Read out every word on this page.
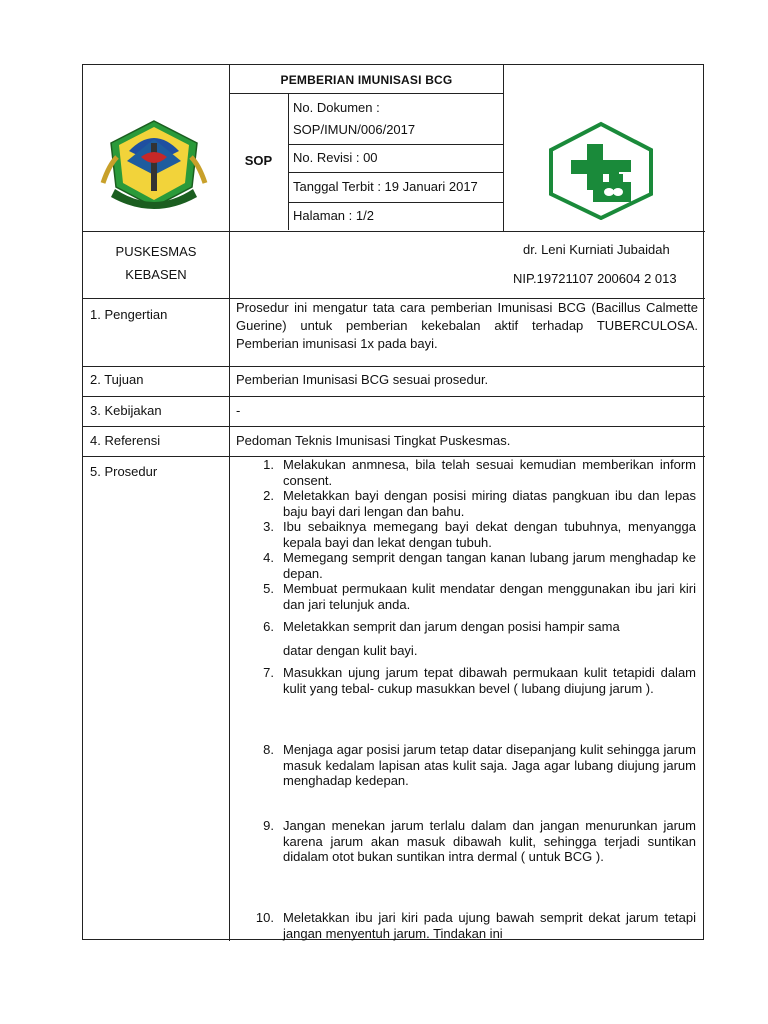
PEMBERIAN IMUNISASI BCG
SOP
No. Dokumen :
SOP/IMUN/006/2017
No. Revisi : 00
Tanggal Terbit : 19 Januari 2017
Halaman : 1/2
PUSKESMAS
KEBASEN
dr. Leni Kurniati Jubaidah
NIP.19721107 200604 2 013
1. Pengertian	Prosedur ini mengatur tata cara pemberian Imunisasi BCG (Bacillus Calmette Guerine) untuk pemberian kekebalan aktif terhadap TUBERCULOSA. Pemberian imunisasi 1x pada bayi.
2. Tujuan	Pemberian Imunisasi BCG sesuai prosedur.
3. Kebijakan	-
4. Referensi	Pedoman Teknis Imunisasi Tingkat Puskesmas.
5. Prosedur	1. Melakukan anmnesa, bila telah sesuai kemudian memberikan inform consent.
2. Meletakkan bayi dengan posisi miring diatas pangkuan ibu dan lepas baju bayi dari lengan dan bahu.
3. Ibu sebaiknya memegang bayi dekat dengan tubuhnya, menyangga kepala bayi dan lekat dengan tubuh.
4. Memegang semprit dengan tangan kanan lubang jarum menghadap ke depan.
5. Membuat permukaan kulit mendatar dengan menggunakan ibu jari kiri dan jari telunjuk anda.
6. Meletakkan semprit dan jarum dengan posisi hampir sama
datar dengan kulit bayi.
7. Masukkan ujung jarum tepat dibawah permukaan kulit tetapidi dalam kulit yang tebal- cukup masukkan bevel ( lubang diujung jarum ).
8. Menjaga agar posisi jarum tetap datar disepanjang kulit sehingga jarum masuk kedalam lapisan atas kulit saja. Jaga agar lubang diujung jarum menghadap kedepan.
9. Jangan menekan jarum terlalu dalam dan jangan menurunkan jarum karena jarum akan masuk dibawah kulit, sehingga terjadi suntikan didalam otot bukan suntikan intra dermal ( untuk BCG ).
10. Meletakkan ibu jari kiri pada ujung bawah semprit dekat jarum tetapi jangan menyentuh jarum. Tindakan ini
